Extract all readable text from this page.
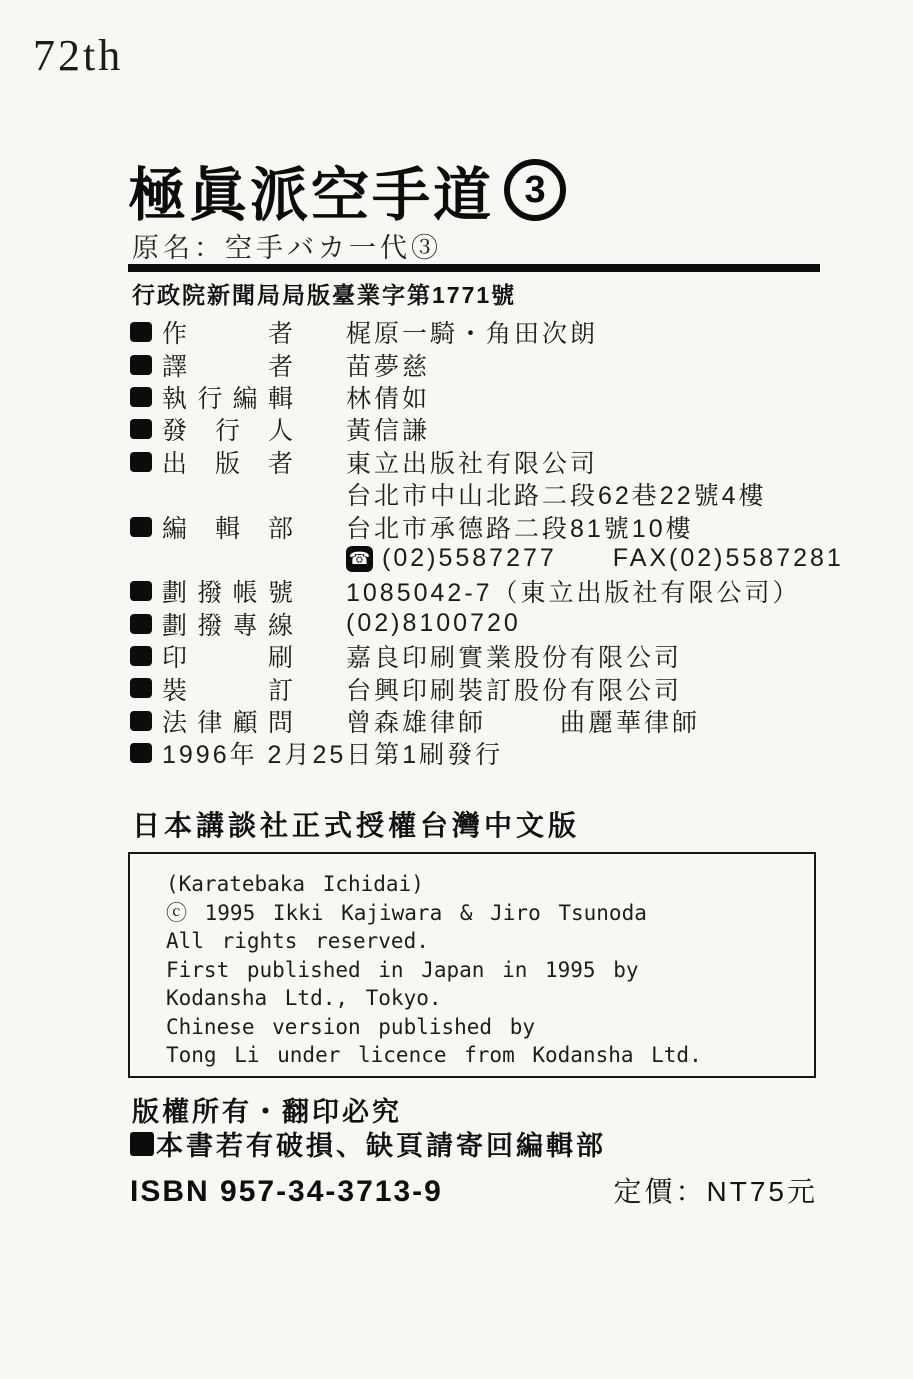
72th
極眞派空手道 3
原名：空手バカ一代③
行政院新聞局局版臺業字第1771號
作者 梶原一騎・角田次朗
譯者 苗夢慈
執行編輯 林倩如
發行人 黃信謙
出版者 東立出版社有限公司
台北市中山北路二段62巷22號4樓
編輯部 台北市承德路二段81號10樓
☎ (02)5587277 FAX(02)5587281
劃撥帳號 1085042-7（東立出版社有限公司）
劃撥專線 (02)8100720
印刷 嘉良印刷實業股份有限公司
裝訂 台興印刷裝訂股份有限公司
法律顧問 曾森雄律師	曲麗華律師
1996年 2月25日第1刷發行
日本講談社正式授權台灣中文版
(Karatebaka Ichidai)
ⓒ 1995 Ikki Kajiwara & Jiro Tsunoda
All rights reserved.
First published in Japan in 1995 by
Kodansha Ltd., Tokyo.
Chinese version published by
Tong Li under licence from Kodansha Ltd.
版權所有・翻印必究
本書若有破損、缺頁請寄回編輯部
ISBN 957-34-3713-9	定價：NT75元
